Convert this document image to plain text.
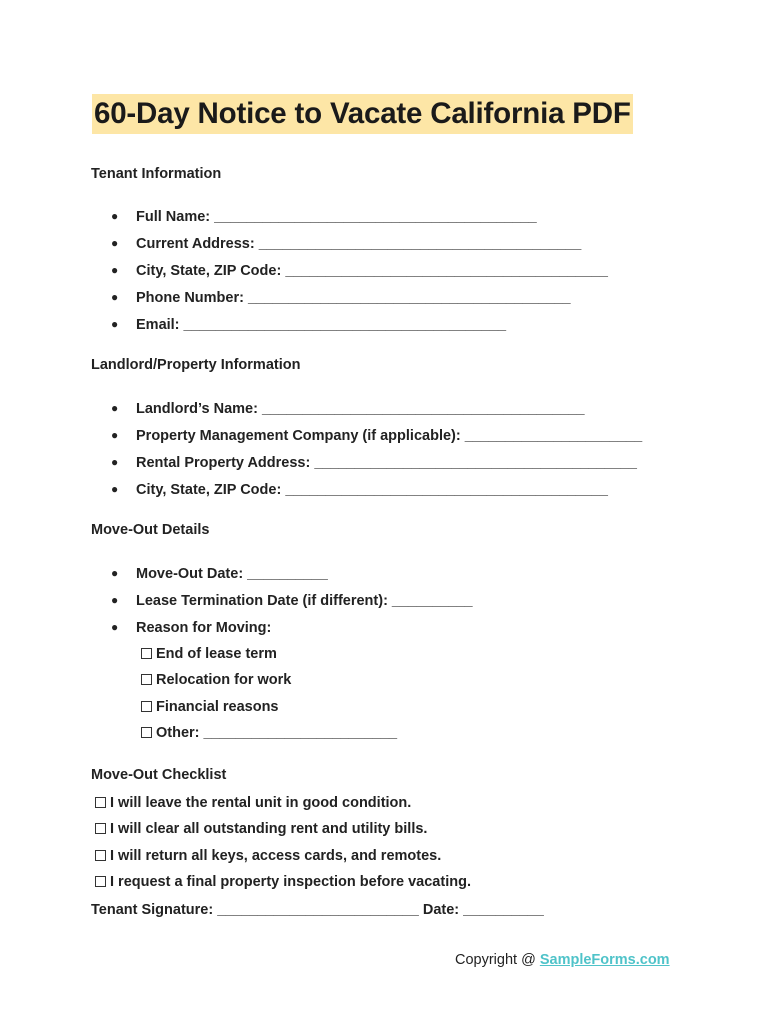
60-Day Notice to Vacate California PDF
Tenant Information
● Full Name: ________________________________________
● Current Address: ________________________________________
● City, State, ZIP Code: ________________________________________
● Phone Number: ________________________________________
● Email: ________________________________________
Landlord/Property Information
● Landlord’s Name: ________________________________________
● Property Management Company (if applicable): ______________________
● Rental Property Address: ________________________________________
● City, State, ZIP Code: ________________________________________
Move-Out Details
● Move-Out Date: __________
● Lease Termination Date (if different): __________
● Reason for Moving:
End of lease term
Relocation for work
Financial reasons
Other: ________________________
Move-Out Checklist
I will leave the rental unit in good condition.
I will clear all outstanding rent and utility bills.
I will return all keys, access cards, and remotes.
I request a final property inspection before vacating.
Tenant Signature: _________________________ Date: __________
Copyright @ SampleForms.com
